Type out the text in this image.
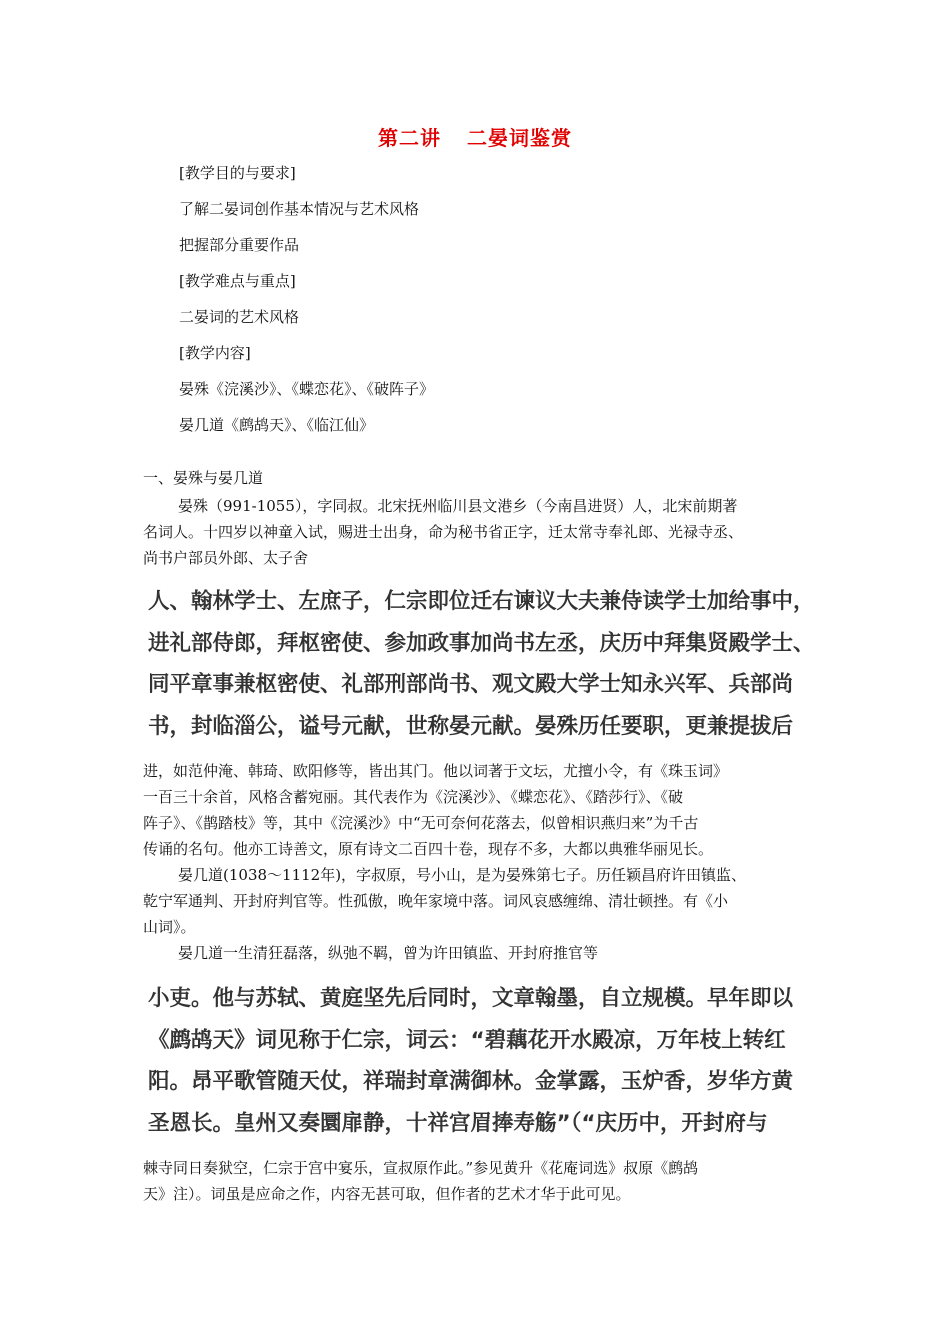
第二讲 二晏词鉴赏
[教学目的与要求]
了解二晏词创作基本情况与艺术风格
把握部分重要作品
[教学难点与重点]
二晏词的艺术风格
[教学内容]
晏殊《浣溪沙》、《蝶恋花》、《破阵子》
晏几道《鹧鸪天》、《临江仙》
一、晏殊与晏几道
晏殊（991-1055），字同叔。北宋抚州临川县文港乡（今南昌进贤）人，北宋前期著
名词人。十四岁以神童入试，赐进士出身，命为秘书省正字，迁太常寺奉礼郎、光禄寺丞、
尚书户部员外郎、太子舍
人、翰林学士、左庶子，仁宗即位迁右谏议大夫兼侍读学士加给事中，
进礼部侍郎，拜枢密使、参加政事加尚书左丞，庆历中拜集贤殿学士、
同平章事兼枢密使、礼部刑部尚书、观文殿大学士知永兴军、兵部尚
书，封临淄公，谥号元献，世称晏元献。晏殊历任要职，更兼提拔后
进，如范仲淹、韩琦、欧阳修等，皆出其门。他以词著于文坛，尤擅小令，有《珠玉词》
一百三十余首，风格含蓄宛丽。其代表作为《浣溪沙》、《蝶恋花》、《踏莎行》、《破
阵子》、《鹊踏枝》等，其中《浣溪沙》中“无可奈何花落去，似曾相识燕归来”为千古
传诵的名句。他亦工诗善文，原有诗文二百四十卷，现存不多，大都以典雅华丽见长。
晏几道(1038～1112年)，字叔原，号小山，是为晏殊第七子。历任颖昌府许田镇监、
乾宁军通判、开封府判官等。性孤傲，晚年家境中落。词风哀感缠绵、清壮顿挫。有《小
山词》。
晏几道一生清狂磊落，纵弛不羁，曾为许田镇监、开封府推官等
小吏。他与苏轼、黄庭坚先后同时，文章翰墨，自立规模。早年即以
《鹧鸪天》词见称于仁宗，词云：“碧藕花开水殿凉，万年枝上转红
阳。昂平歌管随天仗，祥瑞封章满御林。金掌露，玉炉香，岁华方黄
圣恩长。皇州又奏圜扉静，十祥宫眉捧寿觞”（“庆历中，开封府与
棘寺同日奏狱空，仁宗于宫中宴乐，宣叔原作此。”参见黄升《花庵词选》叔原《鹧鸪
天》注）。词虽是应命之作，内容无甚可取，但作者的艺术才华于此可见。
